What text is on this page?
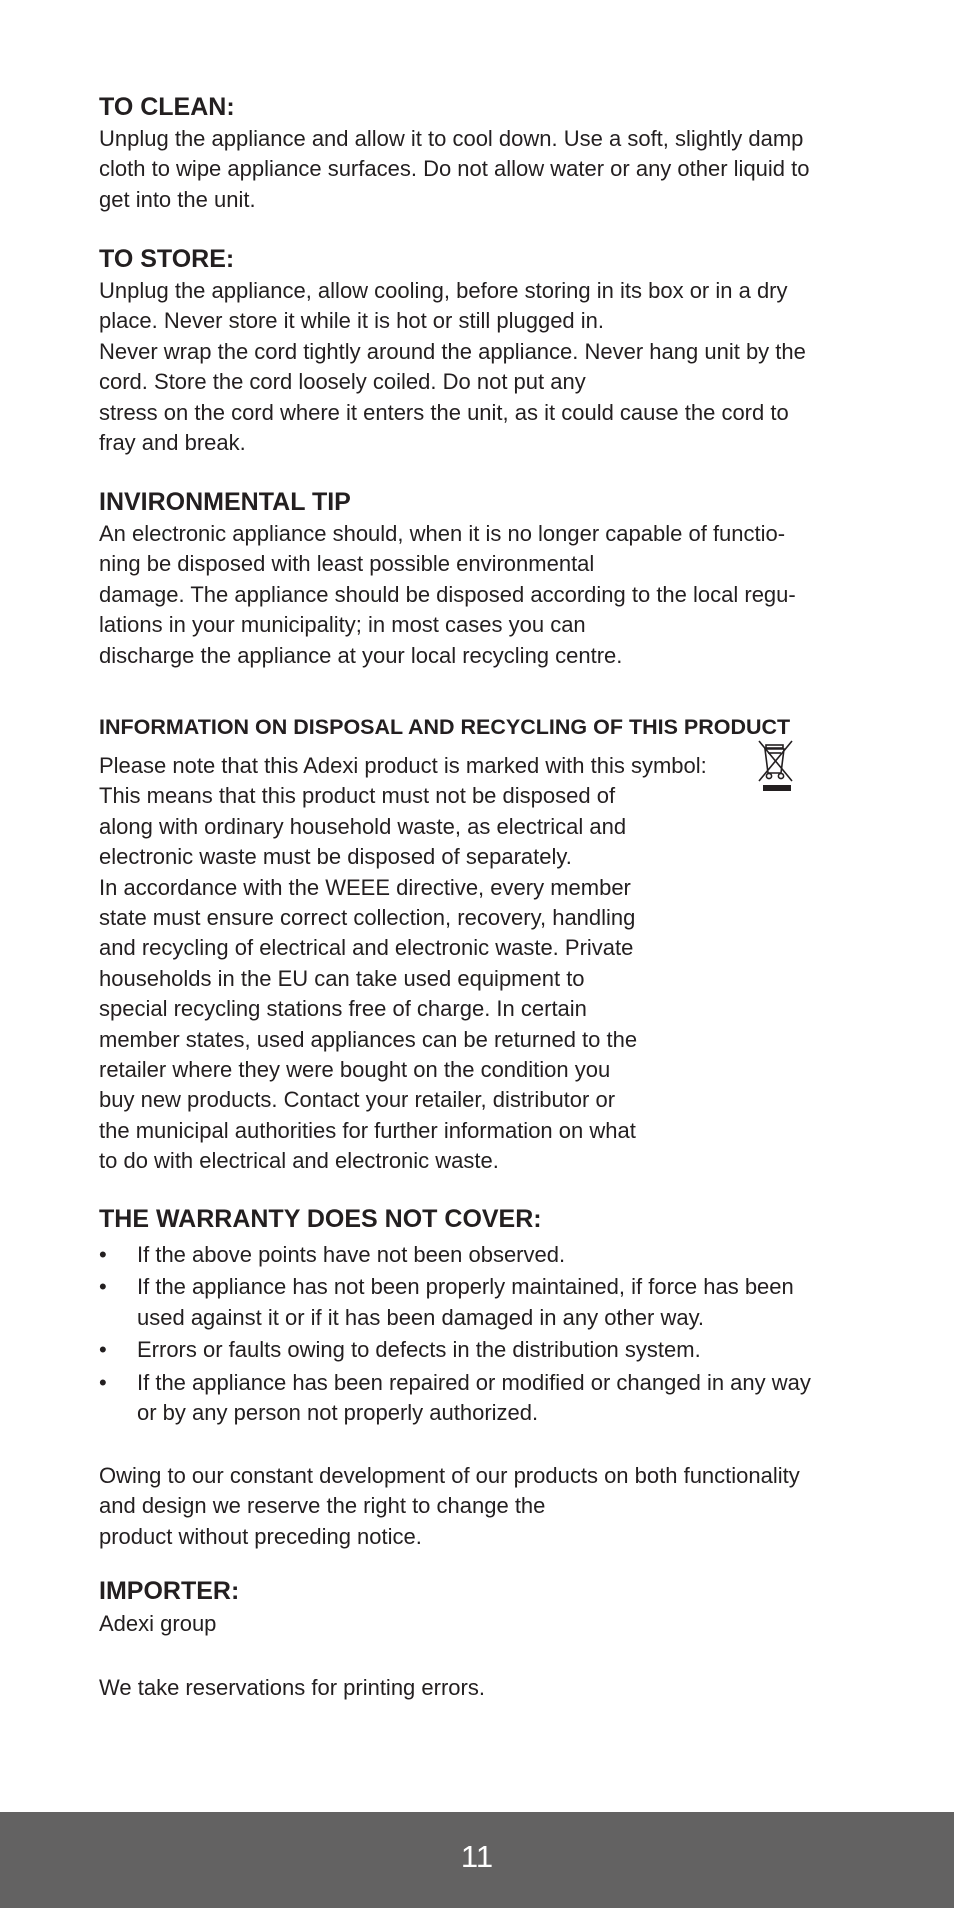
TO CLEAN:
Unplug the appliance and allow it to cool down. Use a soft, slightly damp
cloth to wipe appliance surfaces. Do not allow water or any other liquid to
get into the unit.
TO STORE:
Unplug the appliance, allow cooling, before storing in its box or in a dry
place. Never store it while it is hot or still plugged in.
Never wrap the cord tightly around the appliance. Never hang unit by the
cord. Store the cord loosely coiled. Do not put any
stress on the cord where it enters the unit, as it could cause the cord to
fray and break.
INVIRONMENTAL TIP
An electronic appliance should, when it is no longer capable of functio-
ning be disposed with least possible environmental
damage. The appliance should be disposed according to the local regu-
lations in your municipality; in most cases you can
discharge the appliance at your local recycling centre.
INFORMATION ON DISPOSAL AND RECYCLING OF THIS PRODUCT
Please note that this Adexi product is marked with this symbol:
This means that this product must not be disposed of
along with ordinary household waste, as electrical and
electronic waste must be disposed of separately.
In accordance with the WEEE directive, every member
state must ensure correct collection, recovery, handling
and recycling of electrical and electronic waste. Private
households in the EU can take used equipment to
special recycling stations free of charge. In certain
member states, used appliances can be returned to the
retailer where they were bought on the condition you
buy new products. Contact your retailer, distributor or
the municipal authorities for further information on what
to do with electrical and electronic waste.
THE WARRANTY DOES NOT COVER:
• If the above points have not been observed.
• If the appliance has not been properly maintained, if force has been
used against it or if it has been damaged in any other way.
• Errors or faults owing to defects in the distribution system.
• If the appliance has been repaired or modified or changed in any way
or by any person not properly authorized.
Owing to our constant development of our products on both functionality
and design we reserve the right to change the
product without preceding notice.
IMPORTER:
Adexi group
We take reservations for printing errors.
11
